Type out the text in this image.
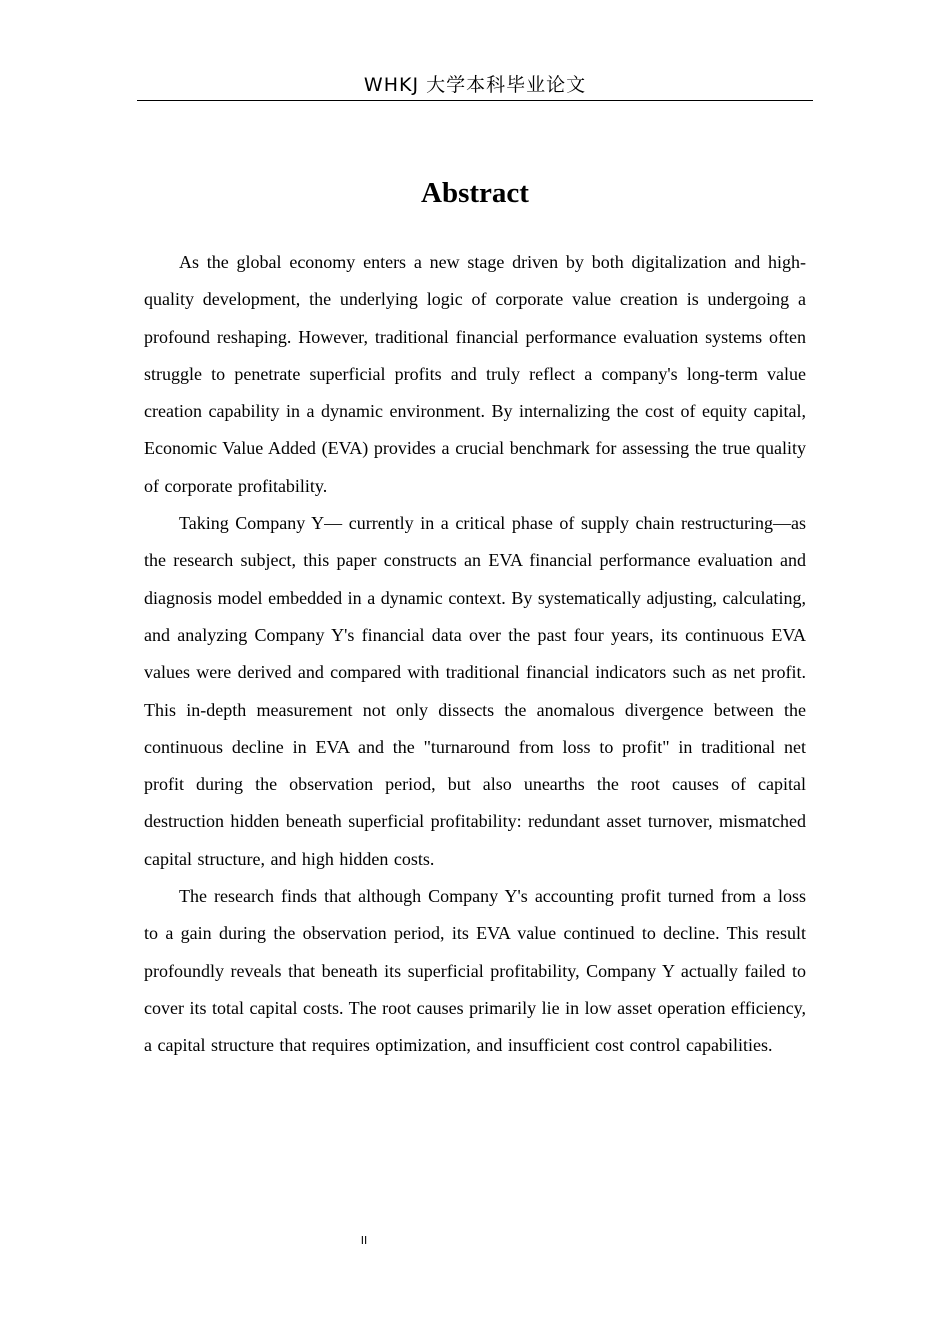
WHKJ 大学本科毕业论文
Abstract

As the global economy enters a new stage driven by both digitalization and high-quality development, the underlying logic of corporate value creation is undergoing a profound reshaping. However, traditional financial performance evaluation systems often struggle to penetrate superficial profits and truly reflect a company's long-term value creation capability in a dynamic environment. By internalizing the cost of equity capital, Economic Value Added (EVA) provides a crucial benchmark for assessing the true quality of corporate profitability.

Taking Company Y— currently in a critical phase of supply chain restructuring—as the research subject, this paper constructs an EVA financial performance evaluation and diagnosis model embedded in a dynamic context. By systematically adjusting, calculating, and analyzing Company Y's financial data over the past four years, its continuous EVA values were derived and compared with traditional financial indicators such as net profit. This in-depth measurement not only dissects the anomalous divergence between the continuous decline in EVA and the "turnaround from loss to profit" in traditional net profit during the observation period, but also unearths the root causes of capital destruction hidden beneath superficial profitability: redundant asset turnover, mismatched capital structure, and high hidden costs.

The research finds that although Company Y's accounting profit turned from a loss to a gain during the observation period, its EVA value continued to decline. This result profoundly reveals that beneath its superficial profitability, Company Y actually failed to cover its total capital costs. The root causes primarily lie in low asset operation efficiency, a capital structure that requires optimization, and insufficient cost control capabilities.

II
